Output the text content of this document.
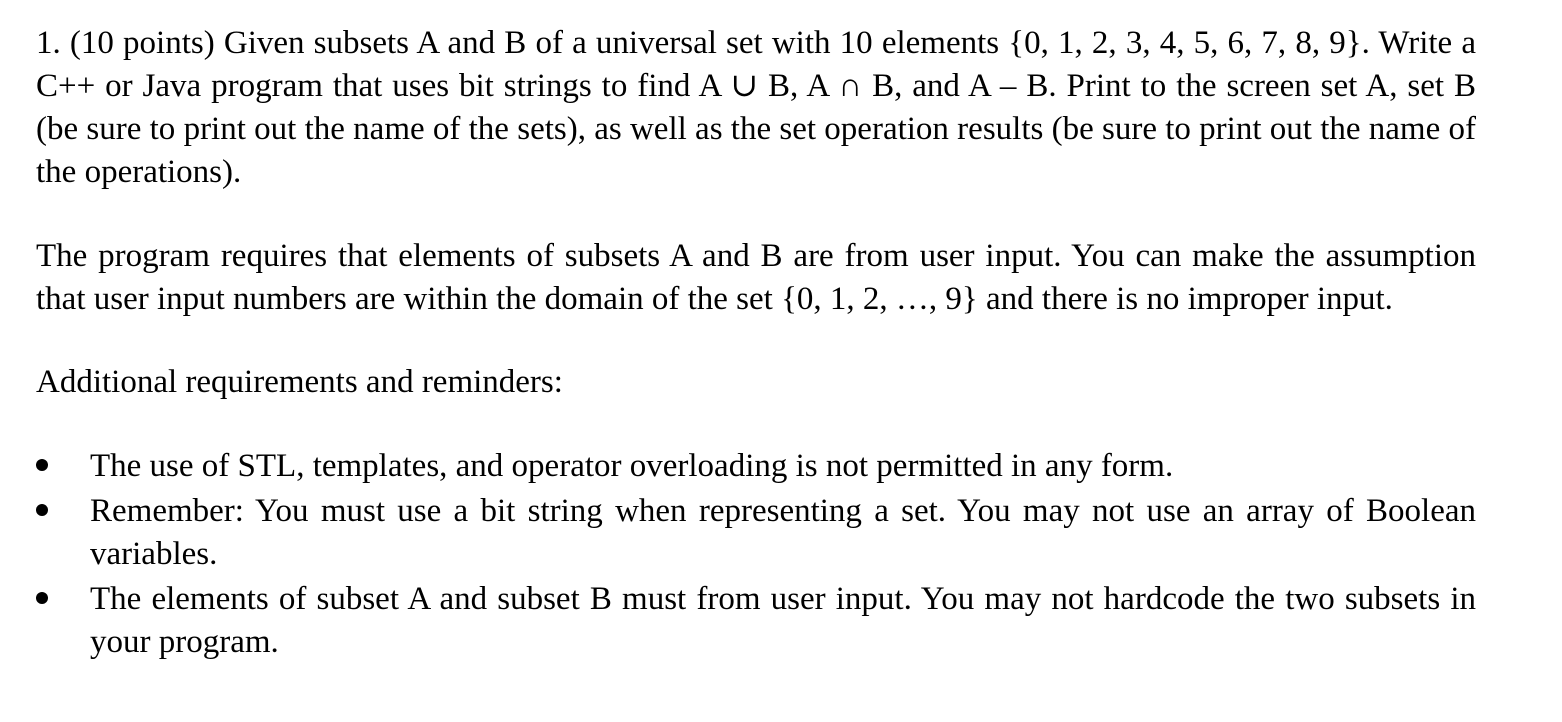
1. (10 points) Given subsets A and B of a universal set with 10 elements {0, 1, 2, 3, 4, 5, 6, 7, 8, 9}. Write a C++ or Java program that uses bit strings to find A ∪ B, A ∩ B, and A – B. Print to the screen set A, set B (be sure to print out the name of the sets), as well as the set operation results (be sure to print out the name of the operations).

The program requires that elements of subsets A and B are from user input. You can make the assumption that user input numbers are within the domain of the set {0, 1, 2, …, 9} and there is no improper input.

Additional requirements and reminders:

The use of STL, templates, and operator overloading is not permitted in any form.
Remember: You must use a bit string when representing a set. You may not use an array of Boolean variables.
The elements of subset A and subset B must from user input. You may not hardcode the two subsets in your program.
